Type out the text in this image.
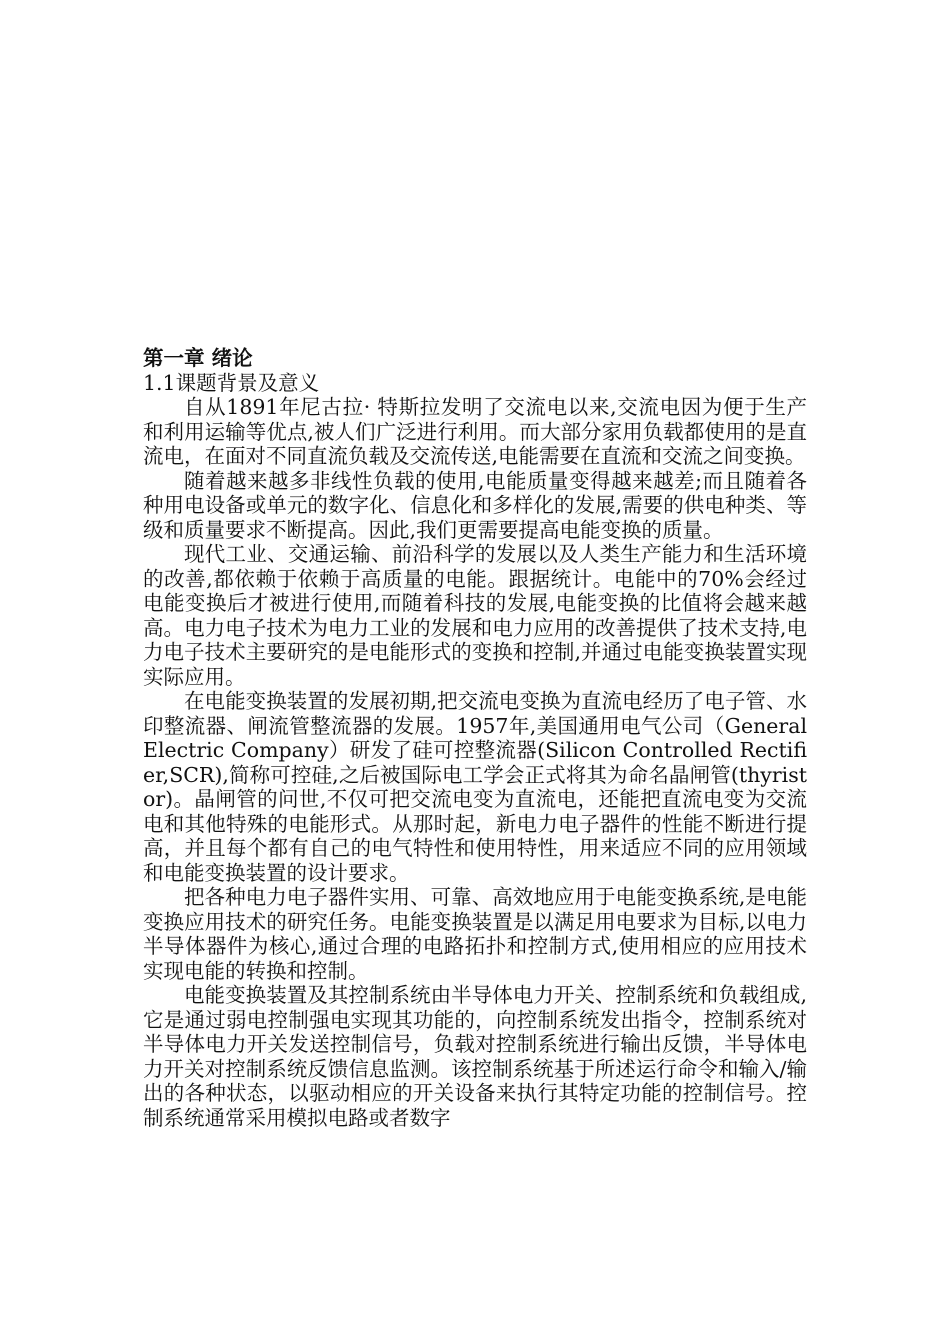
第一章 绪论
1.1课题背景及意义

自从1891年尼古拉· 特斯拉发明了交流电以来,交流电因为便于生产和利用运输等优点,被人们广泛进行利用。而大部分家用负载都使用的是直流电，在面对不同直流负载及交流传送,电能需要在直流和交流之间变换。

随着越来越多非线性负载的使用,电能质量变得越来越差;而且随着各种用电设备或单元的数字化、信息化和多样化的发展,需要的供电种类、等级和质量要求不断提高。因此,我们更需要提高电能变换的质量。

现代工业、交通运输、前沿科学的发展以及人类生产能力和生活环境的改善,都依赖于依赖于高质量的电能。跟据统计。电能中的70%会经过电能变换后才被进行使用,而随着科技的发展,电能变换的比值将会越来越高。电力电子技术为电力工业的发展和电力应用的改善提供了技术支持,电力电子技术主要研究的是电能形式的变换和控制,并通过电能变换装置实现实际应用。

在电能变换装置的发展初期,把交流电变换为直流电经历了电子管、水印整流器、闸流管整流器的发展。1957年,美国通用电气公司（General Electric Company）研发了硅可控整流器(Silicon Controlled Rectifier,SCR),简称可控硅,之后被国际电工学会正式将其为命名晶闸管(thyristor)。晶闸管的问世,不仅可把交流电变为直流电，还能把直流电变为交流电和其他特殊的电能形式。从那时起，新电力电子器件的性能不断进行提高，并且每个都有自己的电气特性和使用特性，用来适应不同的应用领域和电能变换装置的设计要求。

把各种电力电子器件实用、可靠、高效地应用于电能变换系统,是电能变换应用技术的研究任务。电能变换装置是以满足用电要求为目标,以电力半导体器件为核心,通过合理的电路拓扑和控制方式,使用相应的应用技术实现电能的转换和控制。

电能变换装置及其控制系统由半导体电力开关、控制系统和负载组成,它是通过弱电控制强电实现其功能的，向控制系统发出指令，控制系统对半导体电力开关发送控制信号，负载对控制系统进行输出反馈，半导体电力开关对控制系统反馈信息监测。该控制系统基于所述运行命令和输入/输出的各种状态，以驱动相应的开关设备来执行其特定功能的控制信号。控制系统通常采用模拟电路或者数字
